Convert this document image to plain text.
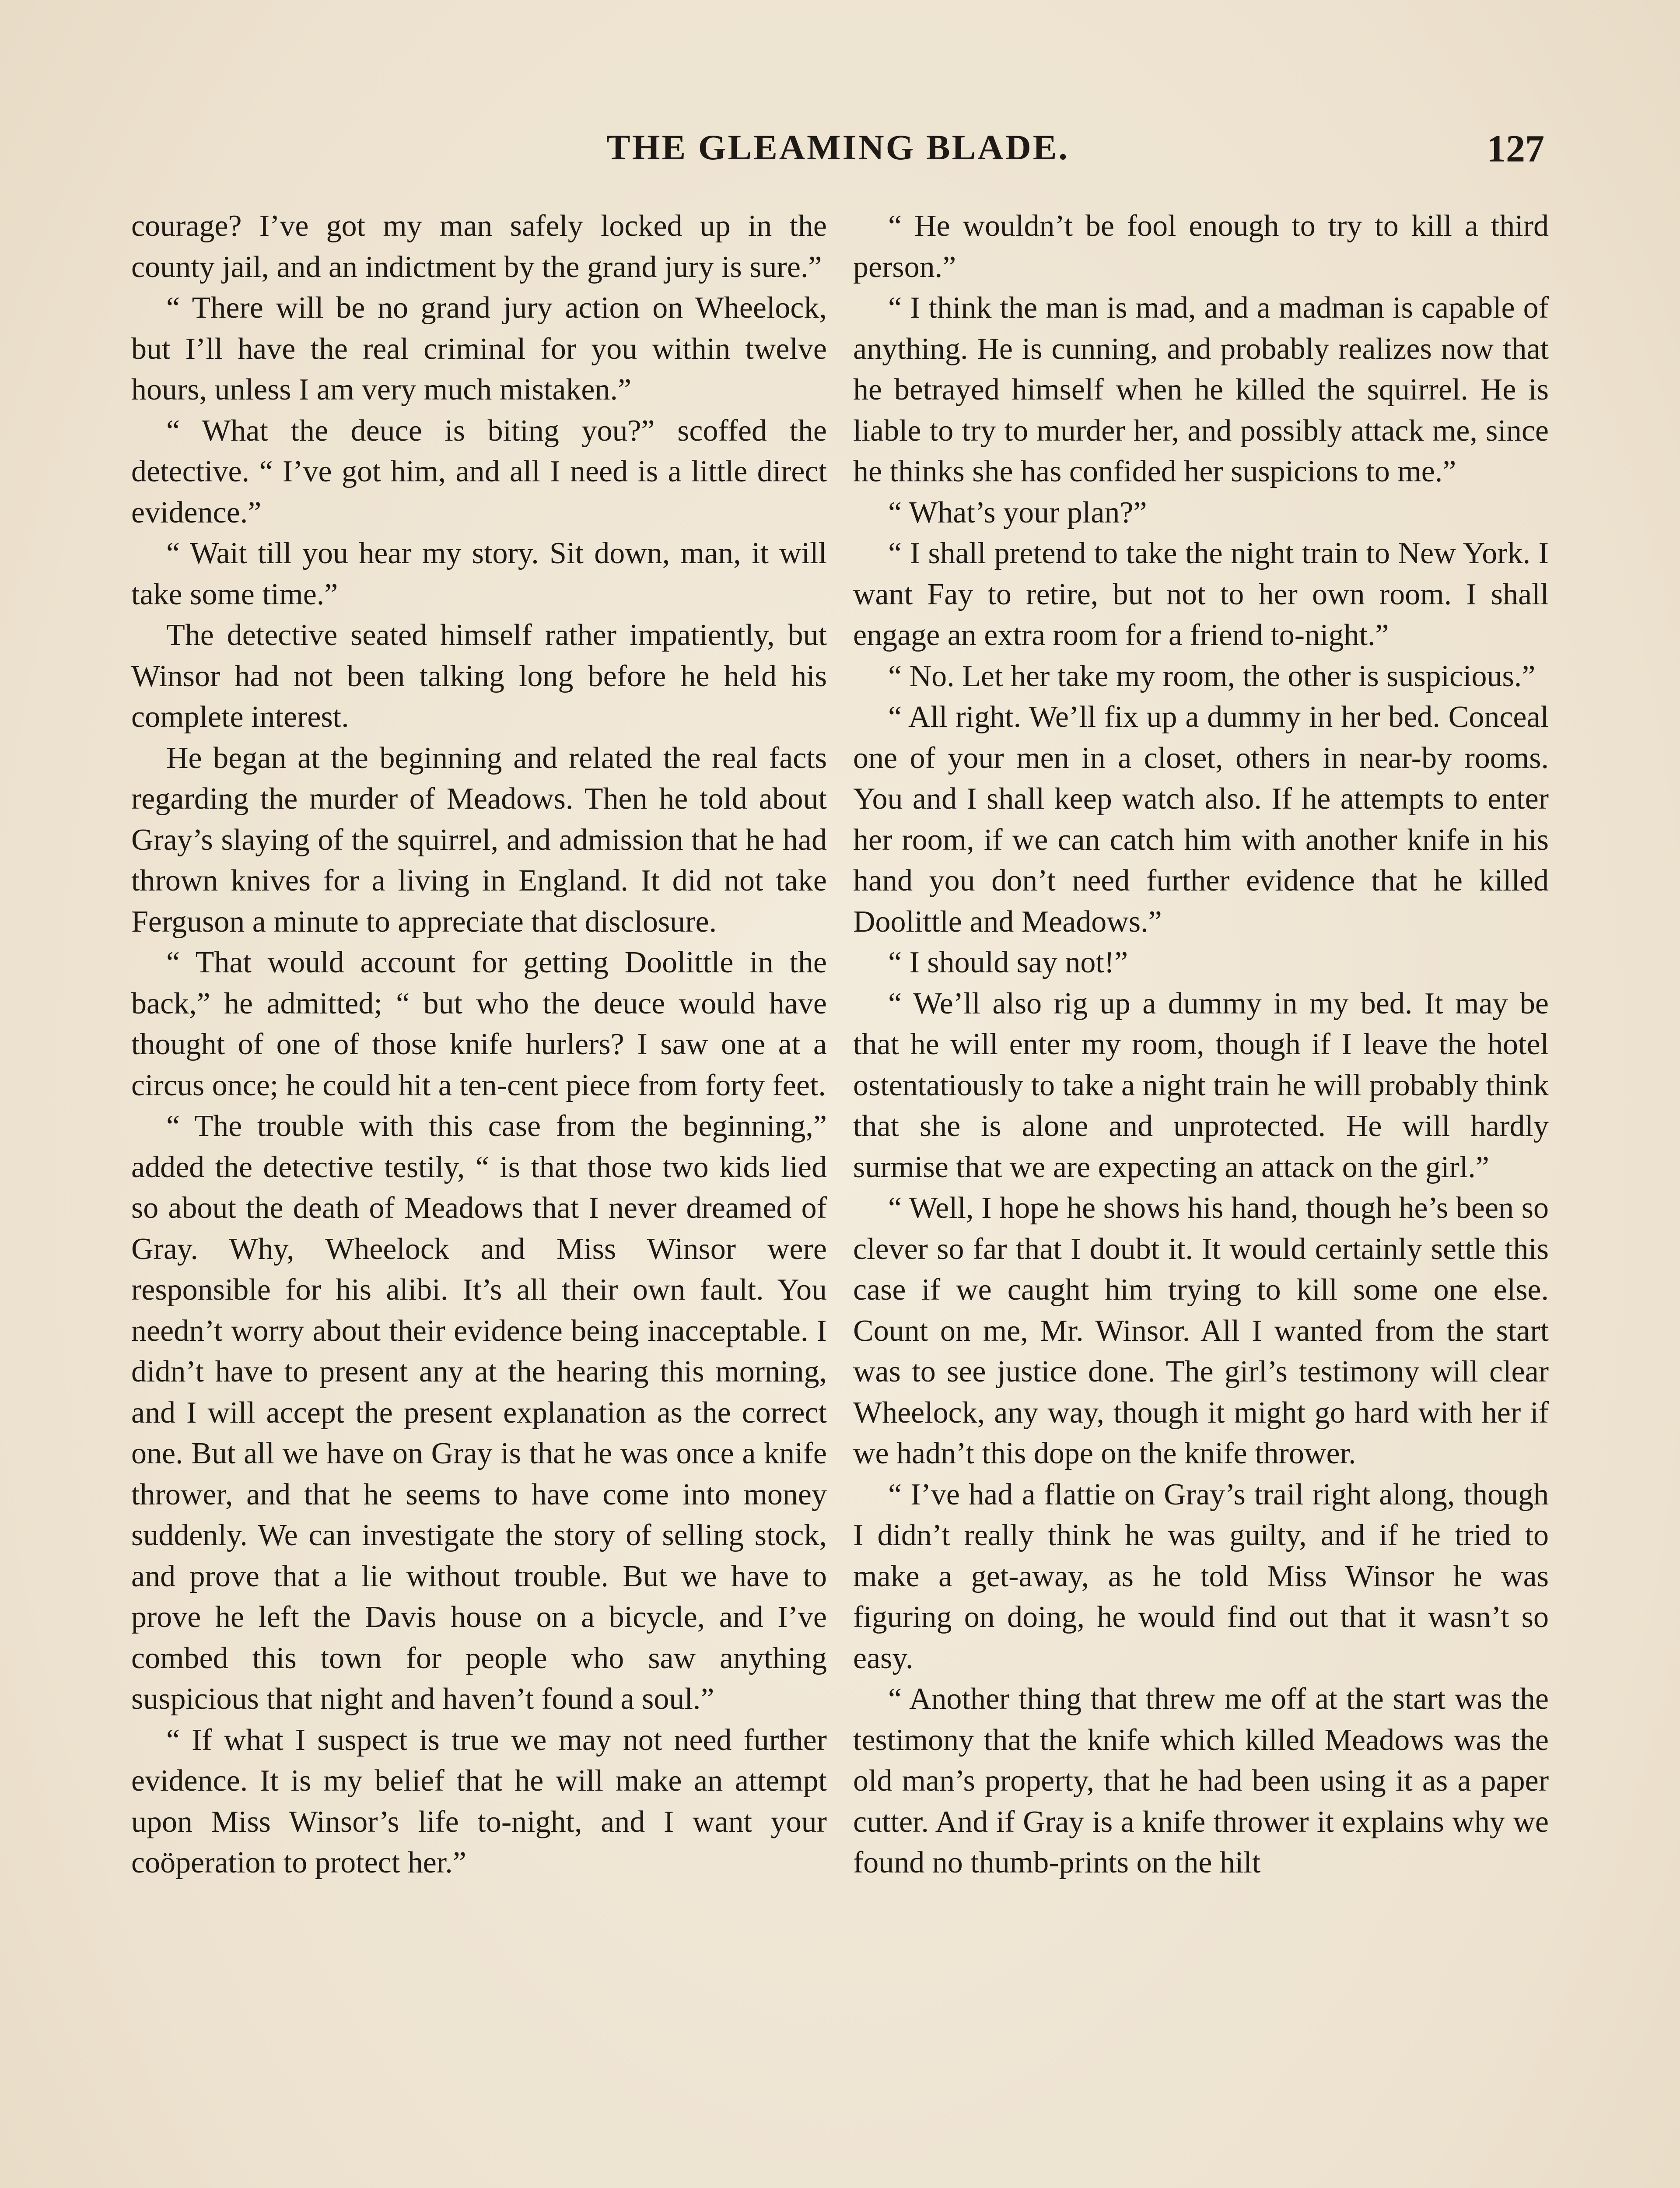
THE GLEAMING BLADE.	127

courage? I’ve got my man safely locked up in the county jail, and an indictment by the grand jury is sure.”

“ There will be no grand jury action on Wheelock, but I’ll have the real criminal for you within twelve hours, unless I am very much mistaken.”

“ What the deuce is biting you?” scoffed the detective. “ I’ve got him, and all I need is a little direct evidence.”

“ Wait till you hear my story. Sit down, man, it will take some time.”

The detective seated himself rather impatiently, but Winsor had not been talking long before he held his complete interest.

He began at the beginning and related the real facts regarding the murder of Meadows. Then he told about Gray’s slaying of the squirrel, and admission that he had thrown knives for a living in England. It did not take Ferguson a minute to appreciate that disclosure.

“ That would account for getting Doolittle in the back,” he admitted; “ but who the deuce would have thought of one of those knife hurlers? I saw one at a circus once; he could hit a ten-cent piece from forty feet.

“ The trouble with this case from the beginning,” added the detective testily, “ is that those two kids lied so about the death of Meadows that I never dreamed of Gray. Why, Wheelock and Miss Winsor were responsible for his alibi. It’s all their own fault. You needn’t worry about their evidence being inacceptable. I didn’t have to present any at the hearing this morning, and I will accept the present explanation as the correct one. But all we have on Gray is that he was once a knife thrower, and that he seems to have come into money suddenly. We can investigate the story of selling stock, and prove that a lie without trouble. But we have to prove he left the Davis house on a bicycle, and I’ve combed this town for people who saw anything suspicious that night and haven’t found a soul.”

“ If what I suspect is true we may not need further evidence. It is my belief that he will make an attempt upon Miss Winsor’s life to-night, and I want your coöperation to protect her.”

“ He wouldn’t be fool enough to try to kill a third person.”

“ I think the man is mad, and a madman is capable of anything. He is cunning, and probably realizes now that he betrayed himself when he killed the squirrel. He is liable to try to murder her, and possibly attack me, since he thinks she has confided her suspicions to me.”

“ What’s your plan?”

“ I shall pretend to take the night train to New York. I want Fay to retire, but not to her own room. I shall engage an extra room for a friend to-night.”

“ No. Let her take my room, the other is suspicious.”

“ All right. We’ll fix up a dummy in her bed. Conceal one of your men in a closet, others in near-by rooms. You and I shall keep watch also. If he attempts to enter her room, if we can catch him with another knife in his hand you don’t need further evidence that he killed Doolittle and Meadows.”

“ I should say not!”

“ We’ll also rig up a dummy in my bed. It may be that he will enter my room, though if I leave the hotel ostentatiously to take a night train he will probably think that she is alone and unprotected. He will hardly surmise that we are expecting an attack on the girl.”

“ Well, I hope he shows his hand, though he’s been so clever so far that I doubt it. It would certainly settle this case if we caught him trying to kill some one else. Count on me, Mr. Winsor. All I wanted from the start was to see justice done. The girl’s testimony will clear Wheelock, any way, though it might go hard with her if we hadn’t this dope on the knife thrower.

“ I’ve had a flattie on Gray’s trail right along, though I didn’t really think he was guilty, and if he tried to make a get-away, as he told Miss Winsor he was figuring on doing, he would find out that it wasn’t so easy.

“ Another thing that threw me off at the start was the testimony that the knife which killed Meadows was the old man’s property, that he had been using it as a paper cutter. And if Gray is a knife thrower it explains why we found no thumb-prints on the hilt
